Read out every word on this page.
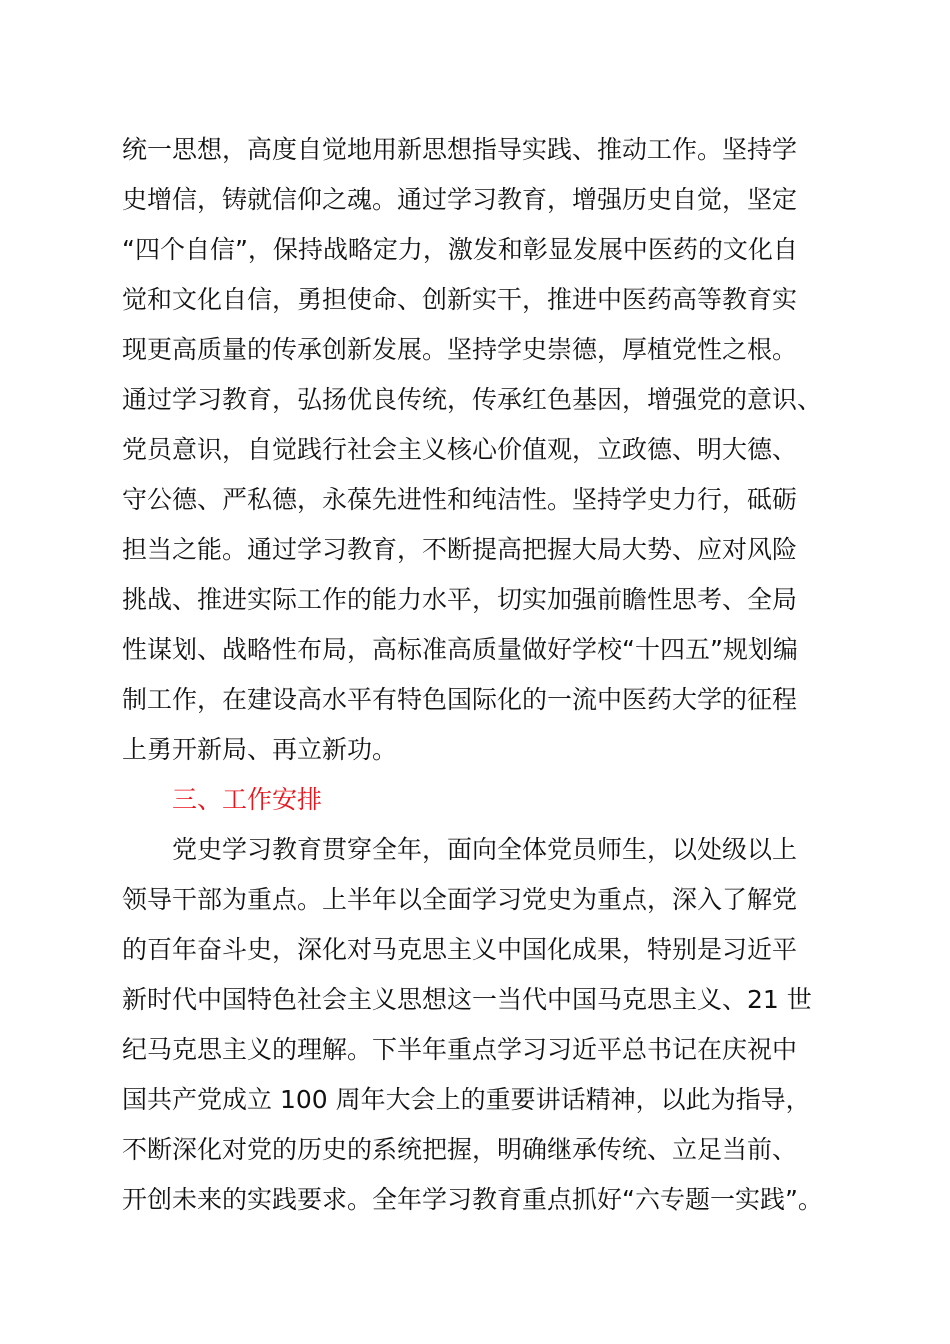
统一思想，高度自觉地用新思想指导实践、推动工作。坚持学
史增信，铸就信仰之魂。通过学习教育，增强历史自觉，坚定
“四个自信”，保持战略定力，激发和彰显发展中医药的文化自
觉和文化自信，勇担使命、创新实干，推进中医药高等教育实
现更高质量的传承创新发展。坚持学史崇德，厚植党性之根。
通过学习教育，弘扬优良传统，传承红色基因，增强党的意识、
党员意识，自觉践行社会主义核心价值观，立政德、明大德、
守公德、严私德，永葆先进性和纯洁性。坚持学史力行，砥砺
担当之能。通过学习教育，不断提高把握大局大势、应对风险
挑战、推进实际工作的能力水平，切实加强前瞻性思考、全局
性谋划、战略性布局，高标准高质量做好学校“十四五”规划编
制工作，在建设高水平有特色国际化的一流中医药大学的征程
上勇开新局、再立新功。
三、工作安排
党史学习教育贯穿全年，面向全体党员师生，以处级以上
领导干部为重点。上半年以全面学习党史为重点，深入了解党
的百年奋斗史，深化对马克思主义中国化成果，特别是习近平
新时代中国特色社会主义思想这一当代中国马克思主义、21 世
纪马克思主义的理解。下半年重点学习习近平总书记在庆祝中
国共产党成立 100 周年大会上的重要讲话精神，以此为指导，
不断深化对党的历史的系统把握，明确继承传统、立足当前、
开创未来的实践要求。全年学习教育重点抓好“六专题一实践”。
